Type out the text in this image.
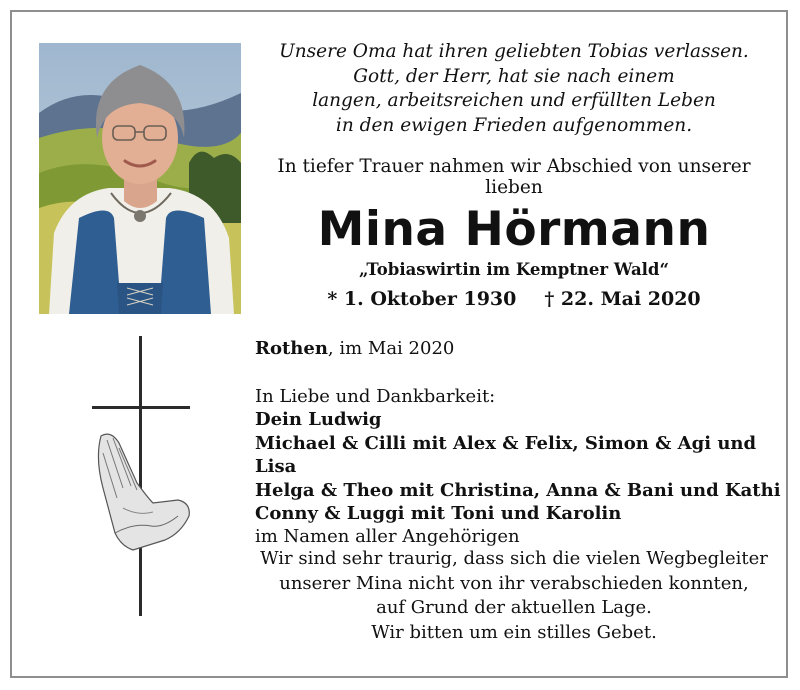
Unsere Oma hat ihren geliebten Tobias verlassen.
Gott, der Herr, hat sie nach einem
langen, arbeitsreichen und erfüllten Leben
in den ewigen Frieden aufgenommen.
In tiefer Trauer nahmen wir Abschied von unserer lieben
Mina Hörmann
„Tobiaswirtin im Kemptner Wald“
* 1. Oktober 1930 † 22. Mai 2020
Rothen, im Mai 2020
In Liebe und Dankbarkeit:
Dein Ludwig
Michael & Cilli mit Alex & Felix, Simon & Agi und Lisa
Helga & Theo mit Christina, Anna & Bani und Kathi
Conny & Luggi mit Toni und Karolin
im Namen aller Angehörigen
Wir sind sehr traurig, dass sich die vielen Wegbegleiter
unserer Mina nicht von ihr verabschieden konnten,
auf Grund der aktuellen Lage.
Wir bitten um ein stilles Gebet.
